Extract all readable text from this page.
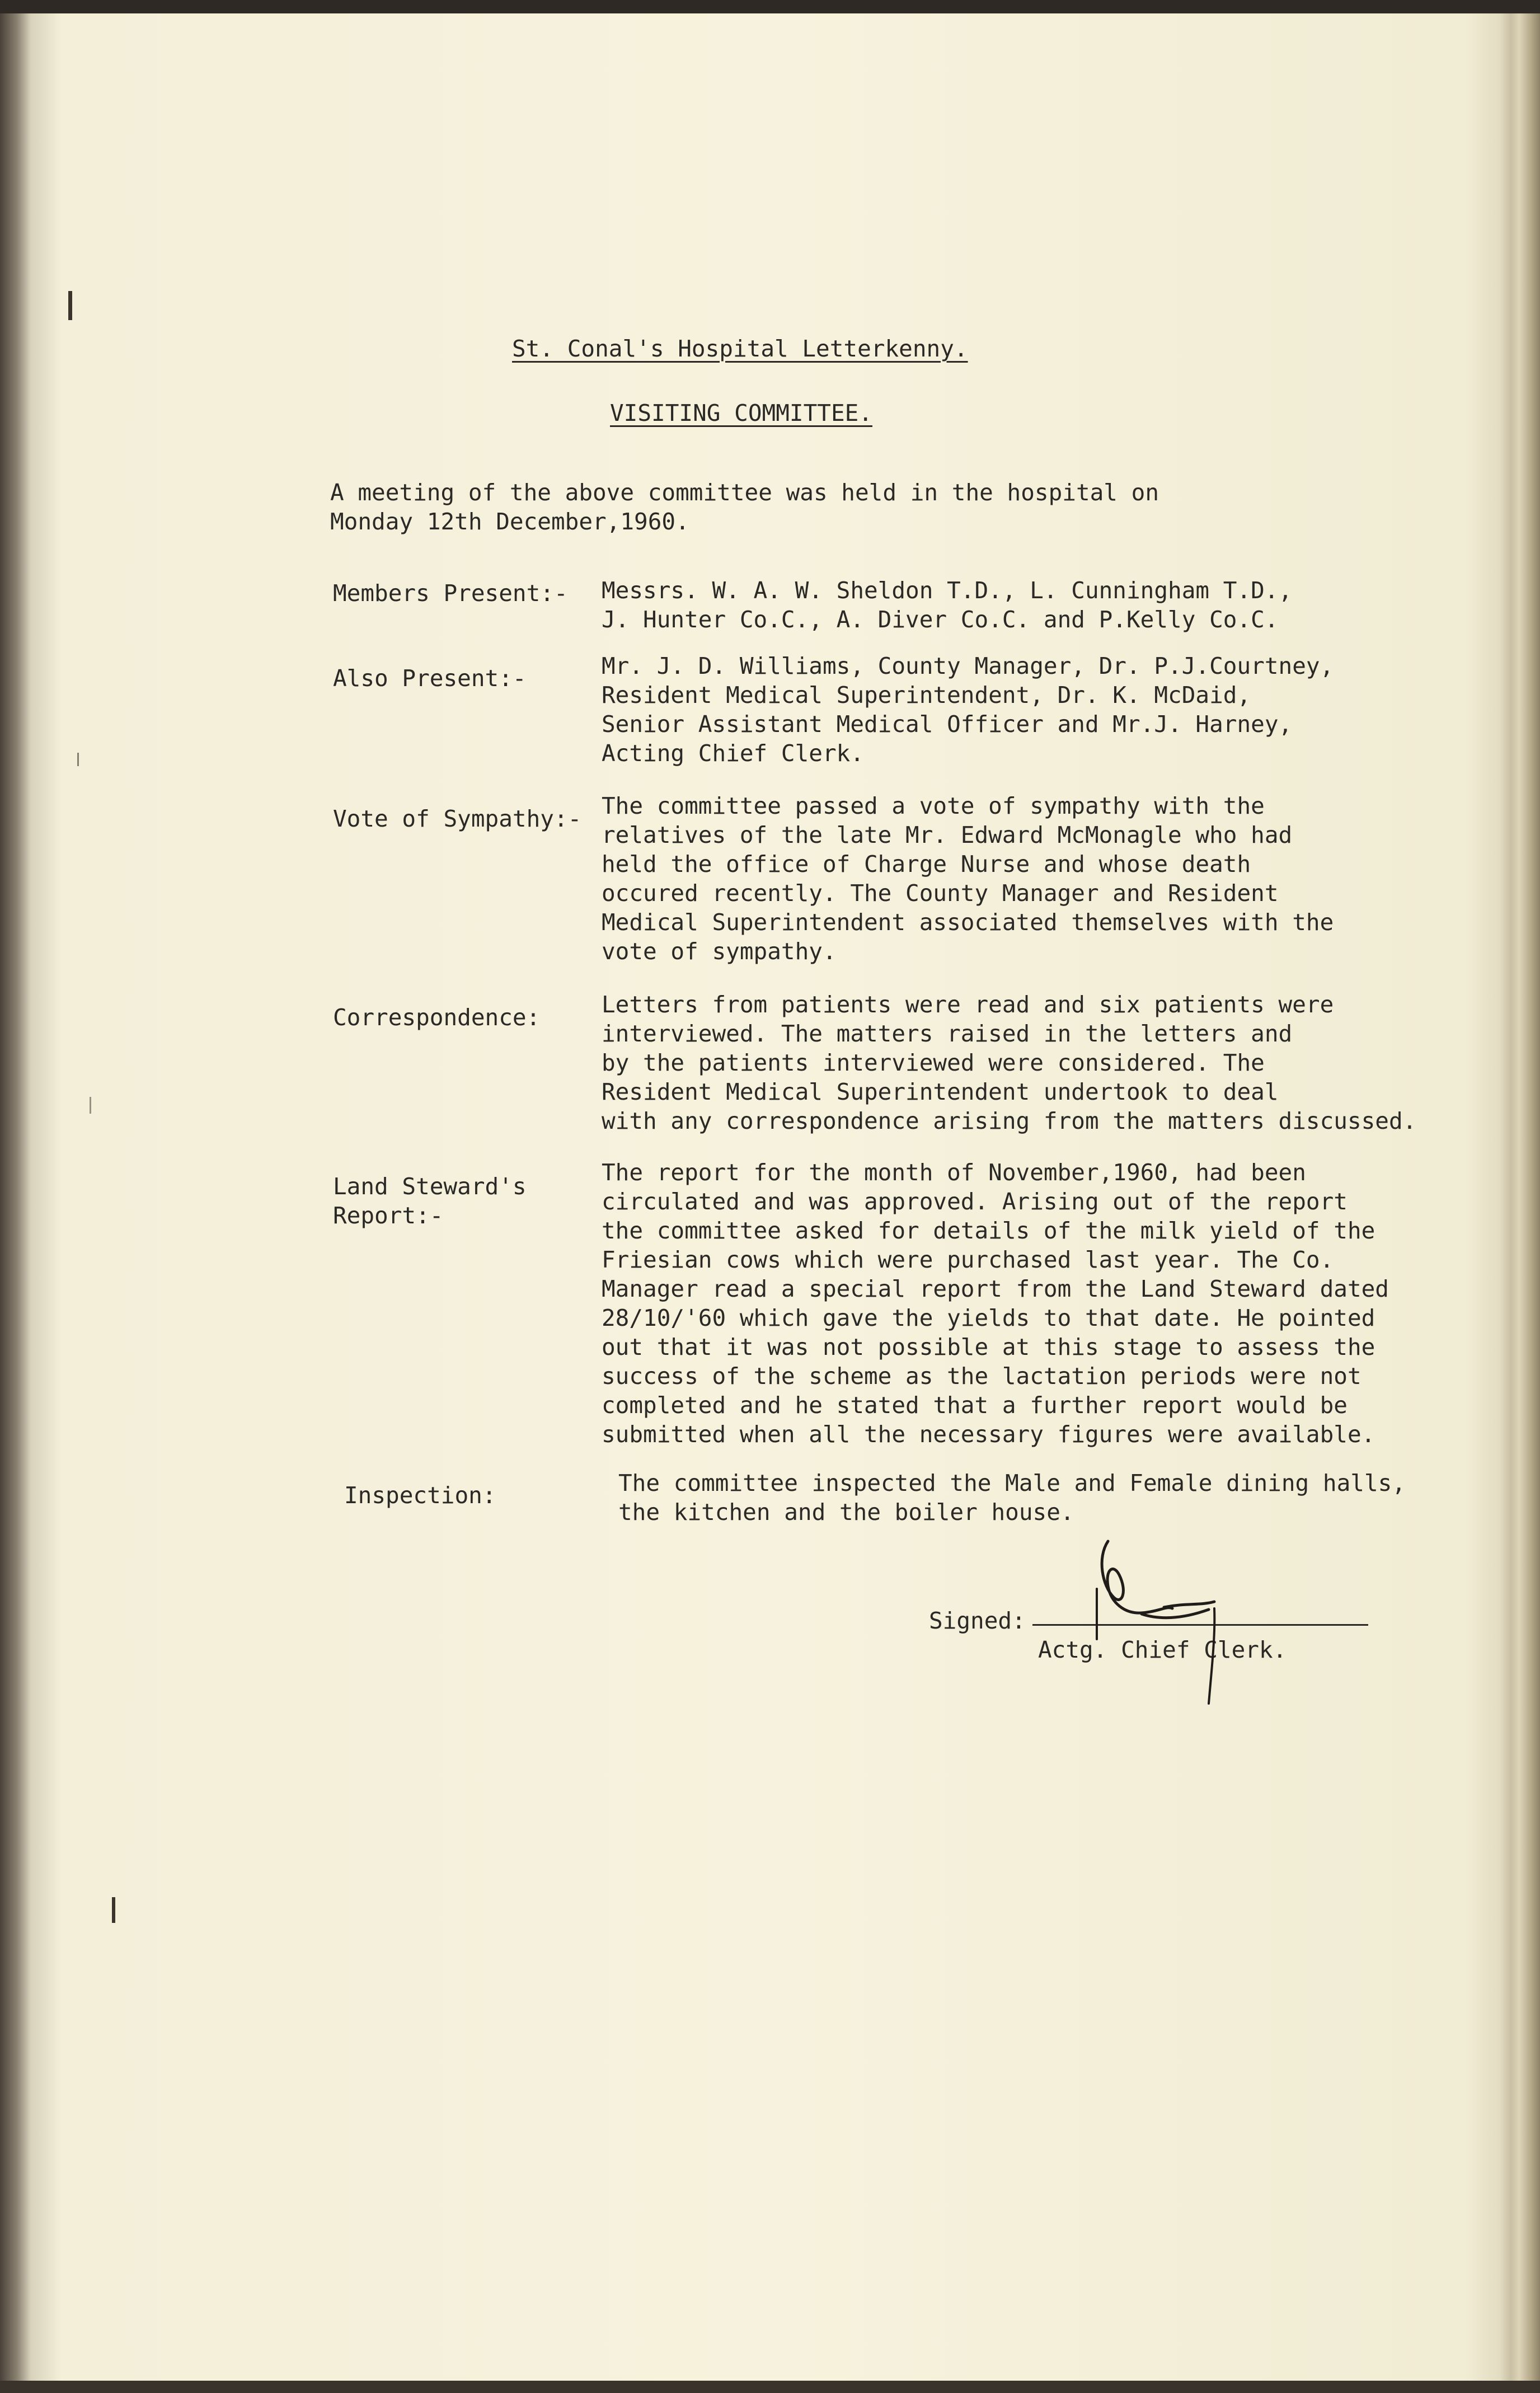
St. Conal's Hospital Letterkenny.
VISITING COMMITTEE.
A meeting of the above committee was held in the hospital on
Monday 12th December,1960.
Members Present:-	Messrs. W. A. W. Sheldon T.D., L. Cunningham T.D.,
J. Hunter Co.C., A. Diver Co.C. and P.Kelly Co.C.
Also Present:-	Mr. J. D. Williams, County Manager, Dr. P.J.Courtney,
Resident Medical Superintendent, Dr. K. McDaid,
Senior Assistant Medical Officer and Mr.J. Harney,
Acting Chief Clerk.
Vote of Sympathy:- The committee passed a vote of sympathy with the
relatives of the late Mr. Edward McMonagle who had
held the office of Charge Nurse and whose death
occured recently. The County Manager and Resident
Medical Superintendent associated themselves with the
vote of sympathy.
Correspondence:	Letters from patients were read and six patients were
interviewed. The matters raised in the letters and
by the patients interviewed were considered. The
Resident Medical Superintendent undertook to deal
with any correspondence arising from the matters discussed.
Land Steward's
Report:-
The report for the month of November,1960, had been
circulated and was approved. Arising out of the report
the committee asked for details of the milk yield of the
Friesian cows which were purchased last year. The Co.
Manager read a special report from the Land Steward dated
28/10/'60 which gave the yields to that date. He pointed
out that it was not possible at this stage to assess the
success of the scheme as the lactation periods were not
completed and he stated that a further report would be
submitted when all the necessary figures were available.
Inspection:	The committee inspected the Male and Female dining halls,
the kitchen and the boiler house.
Signed:
Actg. Chief Clerk.
